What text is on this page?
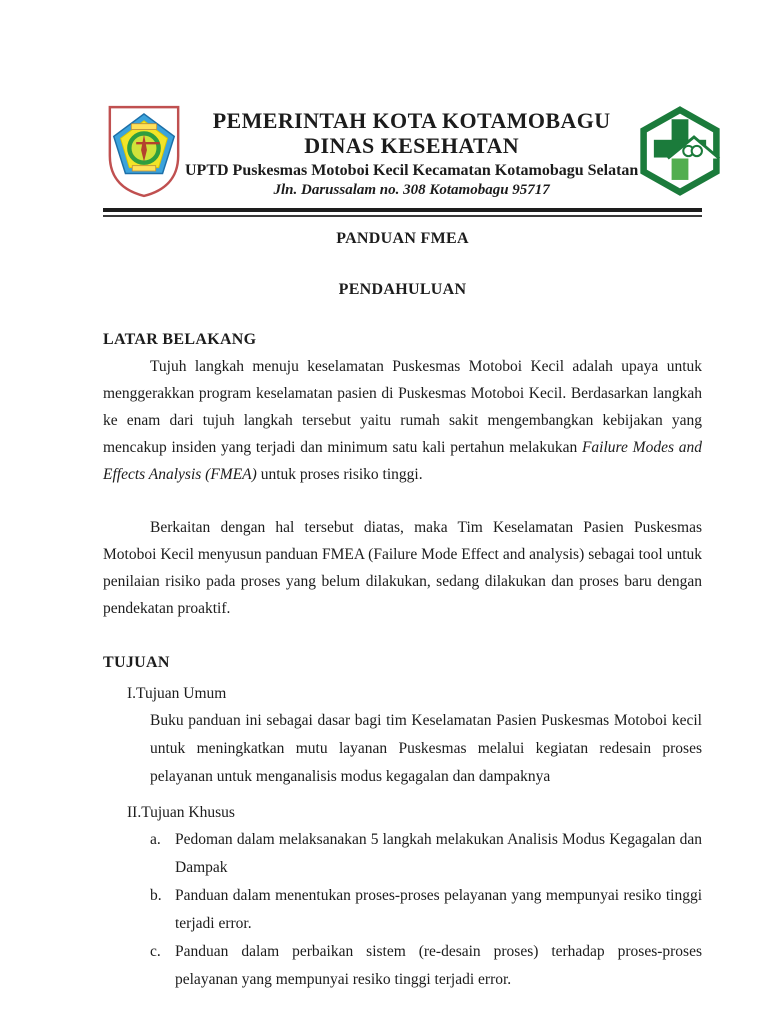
PEMERINTAH KOTA KOTAMOBAGU
DINAS KESEHATAN
UPTD Puskesmas Motoboi Kecil Kecamatan Kotamobagu Selatan
Jln. Darussalam no. 308 Kotamobagu 95717
PANDUAN FMEA
PENDAHULUAN
LATAR BELAKANG

Tujuh langkah menuju keselamatan Puskesmas Motoboi Kecil adalah upaya untuk menggerakkan program keselamatan pasien di Puskesmas Motoboi Kecil. Berdasarkan langkah ke enam dari tujuh langkah tersebut yaitu rumah sakit mengembangkan kebijakan yang mencakup insiden yang terjadi dan minimum satu kali pertahun melakukan Failure Modes and Effects Analysis (FMEA) untuk proses risiko tinggi.

Berkaitan dengan hal tersebut diatas, maka Tim Keselamatan Pasien Puskesmas Motoboi Kecil menyusun panduan FMEA (Failure Mode Effect and analysis) sebagai tool untuk penilaian risiko pada proses yang belum dilakukan, sedang dilakukan dan proses baru dengan pendekatan proaktif.

TUJUAN
I.Tujuan Umum

Buku panduan ini sebagai dasar bagi tim Keselamatan Pasien Puskesmas Motoboi kecil untuk meningkatkan mutu layanan Puskesmas melalui kegiatan redesain proses pelayanan untuk menganalisis modus kegagalan dan dampaknya

II.Tujuan Khusus
a. Pedoman dalam melaksanakan 5 langkah melakukan Analisis Modus Kegagalan dan Dampak
b. Panduan dalam menentukan proses-proses pelayanan yang mempunyai resiko tinggi terjadi error.
c. Panduan dalam perbaikan sistem (re-desain proses) terhadap proses-proses pelayanan yang mempunyai resiko tinggi terjadi error.
